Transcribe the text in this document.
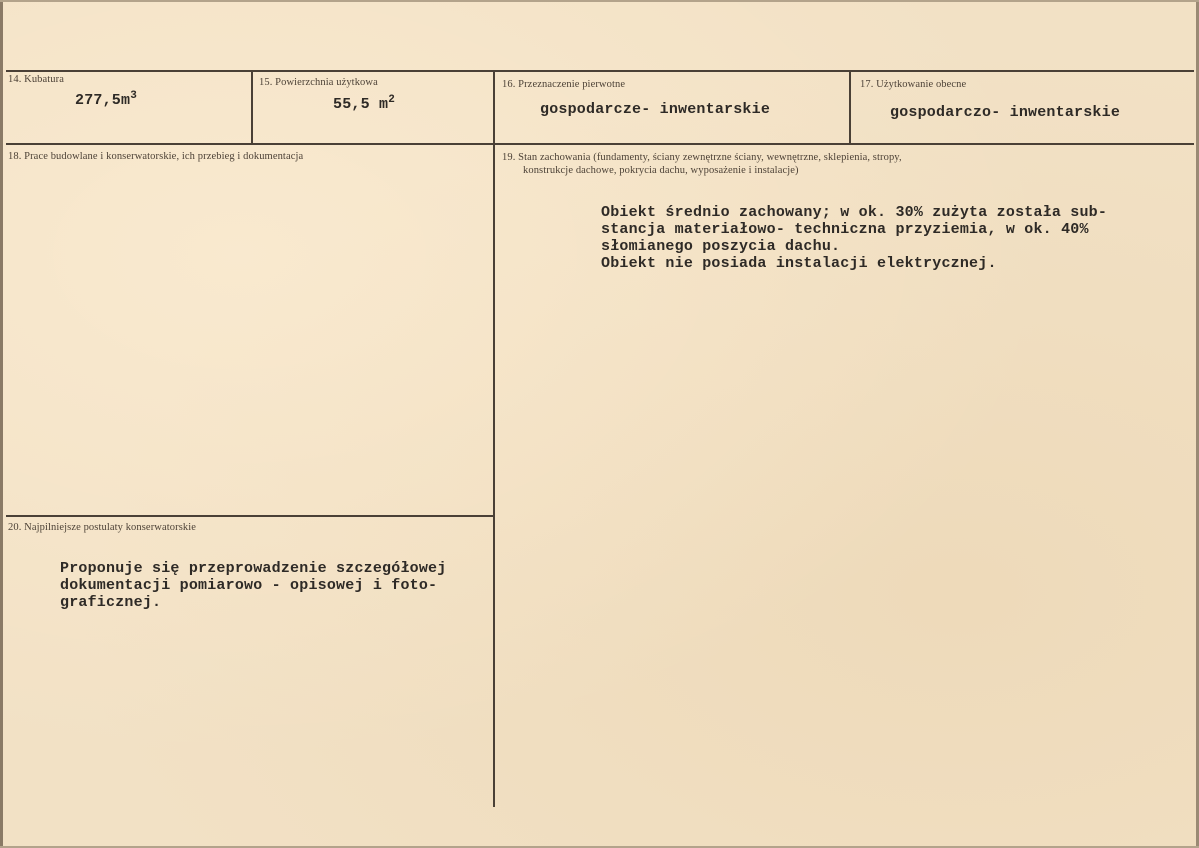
14. Kubatura
$277,5m^3$
15. Powierzchnia użytkowa
55,5 $m^2$
16. Przeznaczenie pierwotne
gospodarcze- inwentarskie
17. Użytkowanie obecne
gospodarczo- inwentarskie
18. Prace budowlane i konserwatorskie, ich przebieg i dokumentacja	19. Stan zachowania (fundamenty, ściany zewnętrzne ściany, wewnętrzne, sklepienia, stropy,
konstrukcje dachowe, pokrycia dachu, wyposażenie i instalacje)
Obiekt średnio zachowany; w ok. 30% zużyta została sub-
stancja materiałowo- techniczna przyziemia, w ok. 40%
słomianego poszycia dachu.
Obiekt nie posiada instalacji elektrycznej.
20. Najpilniejsze postulaty konserwatorskie
Proponuje się przeprowadzenie szczegółowej
dokumentacji pomiarowo - opisowej i foto-
graficznej.
